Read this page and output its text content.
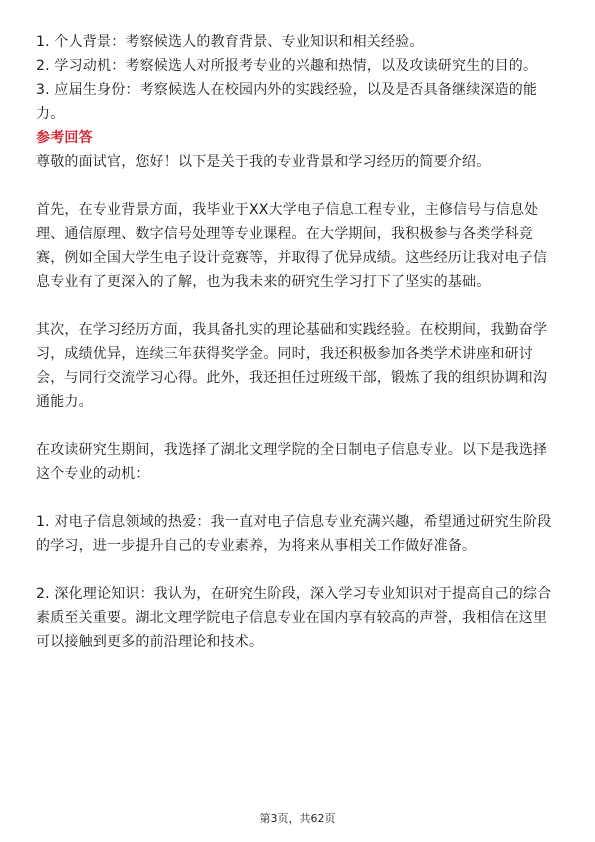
1. 个人背景：考察候选人的教育背景、专业知识和相关经验。
2. 学习动机：考察候选人对所报考专业的兴趣和热情，以及攻读研究生的目的。
3. 应届生身份：考察候选人在校园内外的实践经验，以及是否具备继续深造的能
力。
参考回答
尊敬的面试官，您好！以下是关于我的专业背景和学习经历的简要介绍。
首先，在专业背景方面，我毕业于XX大学电子信息工程专业，主修信号与信息处
理、通信原理、数字信号处理等专业课程。在大学期间，我积极参与各类学科竞
赛，例如全国大学生电子设计竞赛等，并取得了优异成绩。这些经历让我对电子信
息专业有了更深入的了解，也为我未来的研究生学习打下了坚实的基础。
其次，在学习经历方面，我具备扎实的理论基础和实践经验。在校期间，我勤奋学
习，成绩优异，连续三年获得奖学金。同时，我还积极参加各类学术讲座和研讨
会，与同行交流学习心得。此外，我还担任过班级干部，锻炼了我的组织协调和沟
通能力。
在攻读研究生期间，我选择了湖北文理学院的全日制电子信息专业。以下是我选择
这个专业的动机：
1. 对电子信息领域的热爱：我一直对电子信息专业充满兴趣，希望通过研究生阶段
的学习，进一步提升自己的专业素养，为将来从事相关工作做好准备。
2. 深化理论知识：我认为，在研究生阶段，深入学习专业知识对于提高自己的综合
素质至关重要。湖北文理学院电子信息专业在国内享有较高的声誉，我相信在这里
可以接触到更多的前沿理论和技术。
第3页，共62页
